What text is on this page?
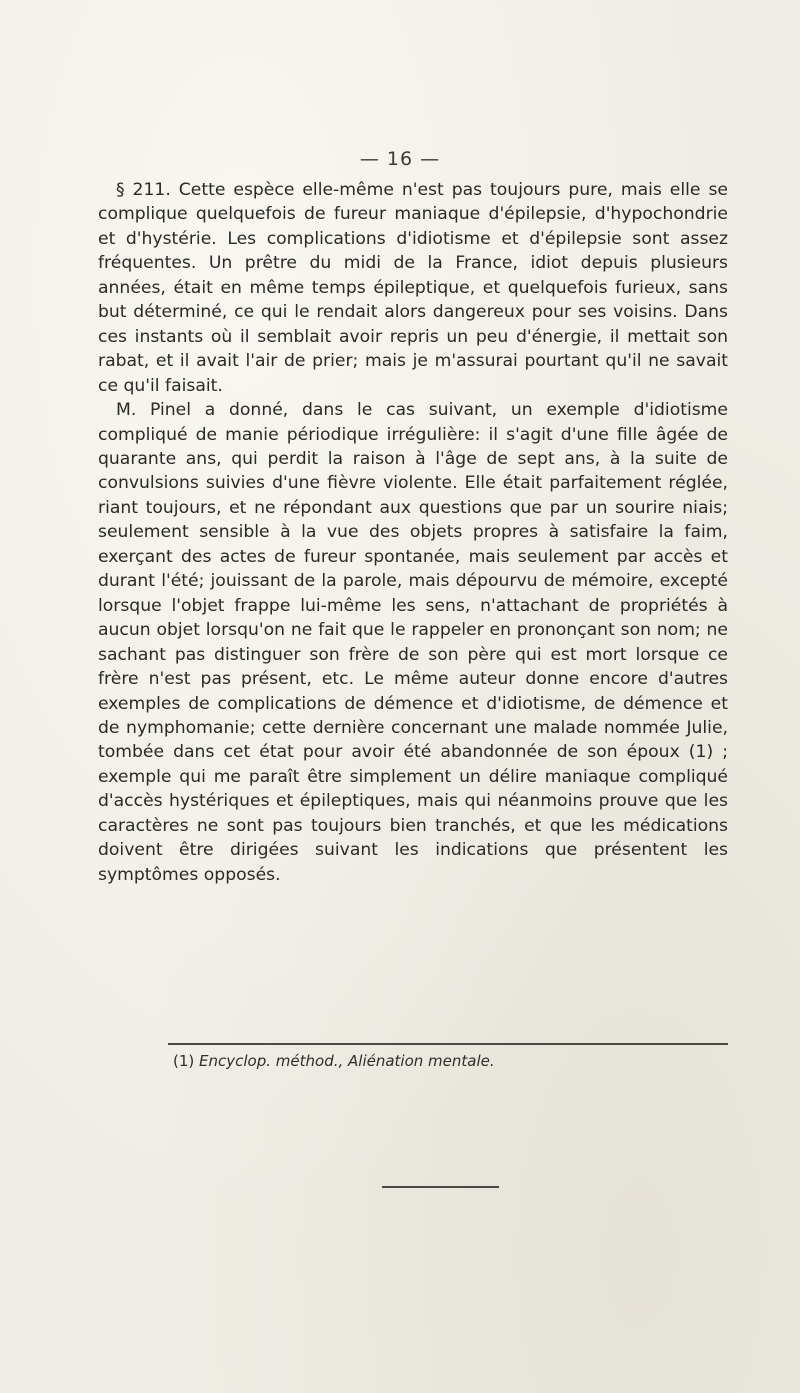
— 16 —

§ 211. Cette espèce elle-même n'est pas toujours pure, mais elle se complique quelquefois de fureur maniaque d'épilepsie, d'hypochondrie et d'hystérie. Les complications d'idiotisme et d'épilepsie sont assez fréquentes. Un prêtre du midi de la France, idiot depuis plusieurs années, était en même temps épileptique, et quelquefois furieux, sans but déterminé, ce qui le rendait alors dangereux pour ses voisins. Dans ces instants où il semblait avoir repris un peu d'énergie, il mettait son rabat, et il avait l'air de prier; mais je m'assurai pourtant qu'il ne savait ce qu'il faisait.

M. Pinel a donné, dans le cas suivant, un exemple d'idiotisme compliqué de manie périodique irrégulière: il s'agit d'une fille âgée de quarante ans, qui perdit la raison à l'âge de sept ans, à la suite de convulsions suivies d'une fièvre violente. Elle était parfaitement réglée, riant toujours, et ne répondant aux questions que par un sourire niais; seulement sensible à la vue des objets propres à satisfaire la faim, exerçant des actes de fureur spontanée, mais seulement par accès et durant l'été; jouissant de la parole, mais dépourvu de mémoire, excepté lorsque l'objet frappe lui-même les sens, n'attachant de propriétés à aucun objet lorsqu'on ne fait que le rappeler en prononçant son nom; ne sachant pas distinguer son frère de son père qui est mort lorsque ce frère n'est pas présent, etc. Le même auteur donne encore d'autres exemples de complications de démence et d'idiotisme, de démence et de nymphomanie; cette dernière concernant une malade nommée Julie, tombée dans cet état pour avoir été abandonnée de son époux (1) ; exemple qui me paraît être simplement un délire maniaque compliqué d'accès hystériques et épileptiques, mais qui néanmoins prouve que les caractères ne sont pas toujours bien tranchés, et que les médications doivent être dirigées suivant les indications que présentent les symptômes opposés.

(1) Encyclop. méthod., Aliénation mentale.
